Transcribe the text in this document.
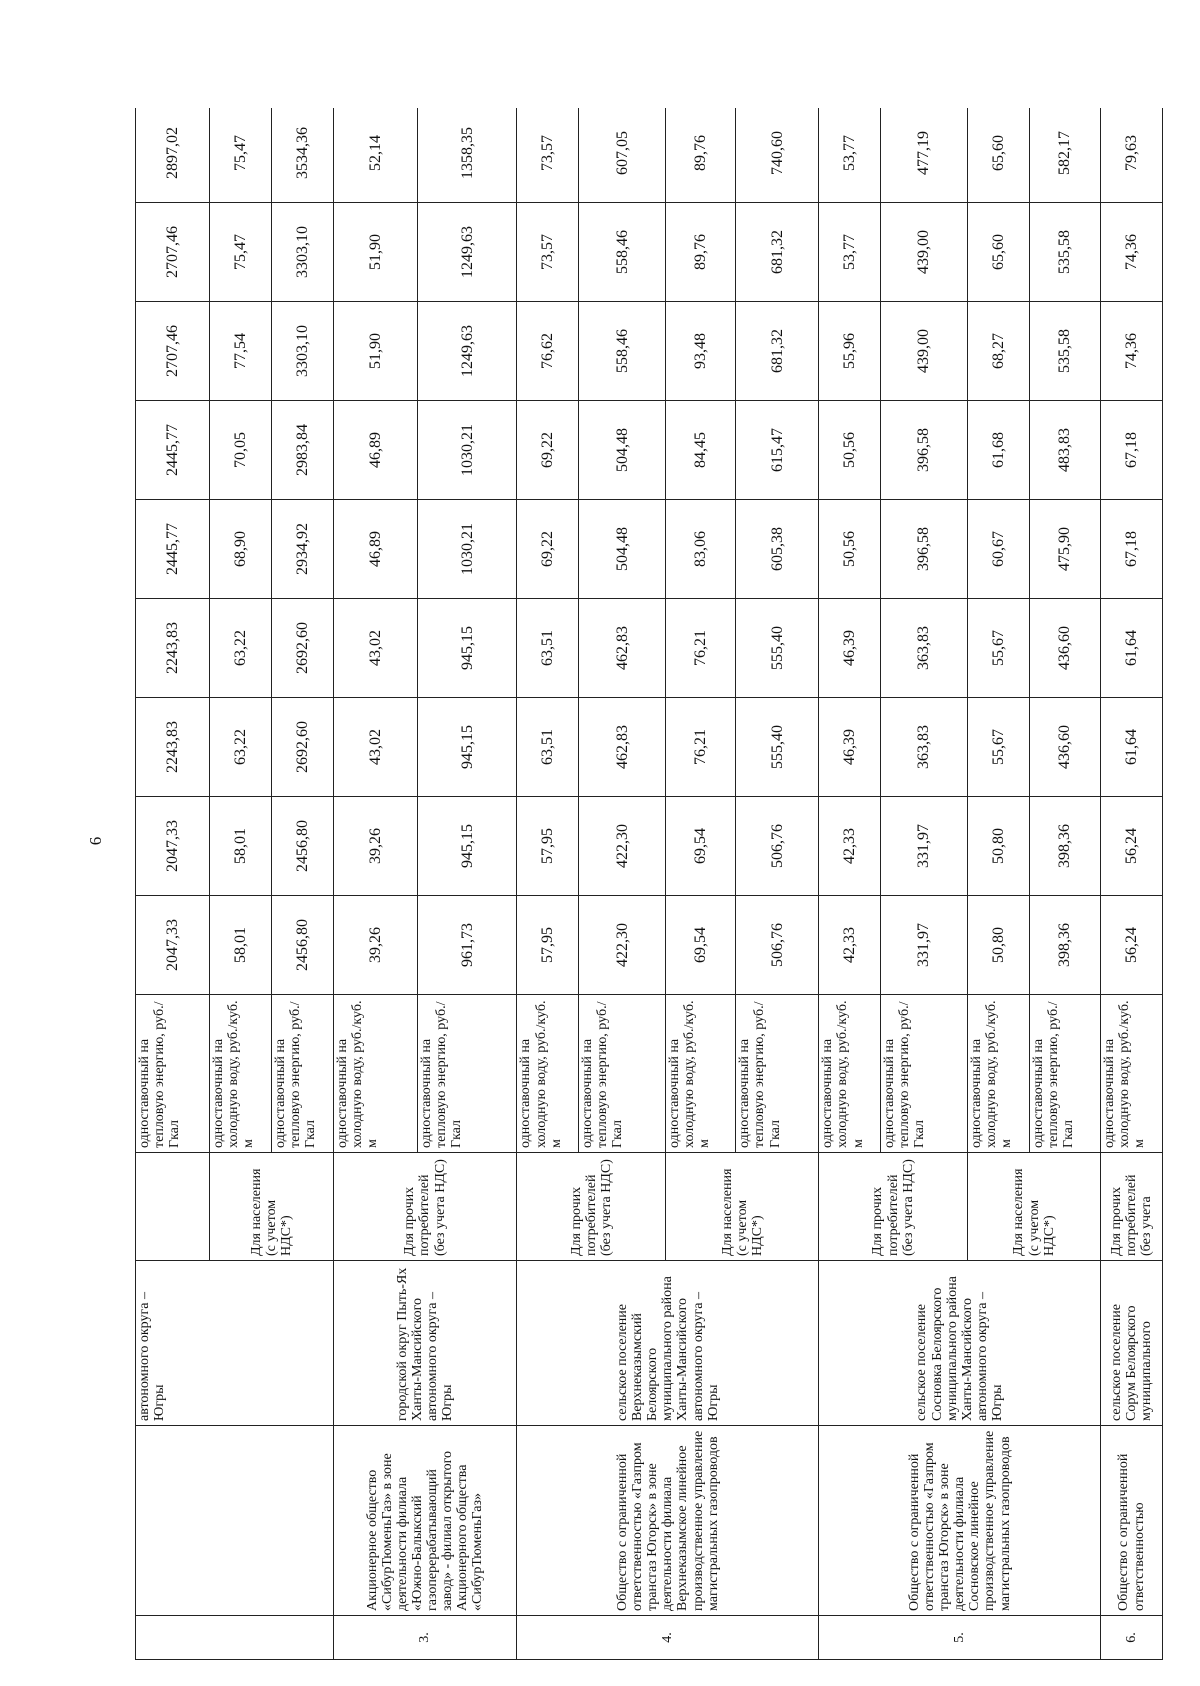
6
		автономного округа – Югры		одноставочный на тепловую энергию, руб./ Гкал	2047,33	2047,33	2243,83	2243,83	2445,77	2445,77	2707,46	2707,46	2897,02
			Для населения (с учетом НДС*)	одноставочный на холодную воду, руб./куб. м	58,01	58,01	63,22	63,22	68,90	70,05	77,54	75,47	75,47
				одноставочный на тепловую энергию, руб./ Гкал	2456,80	2456,80	2692,60	2692,60	2934,92	2983,84	3303,10	3303,10	3534,36
3.	Акционерное общество «СибурТюменьГаз» в зоне деятельности филиала «Южно-Балыкский газоперерабатывающий завод» - филиал открытого Акционерного общества «СибурТюменьГаз»	городской округ Пыть-Ях Ханты-Мансийского автономного округа – Югры	Для прочих потребителей (без учета НДС)	одноставочный на холодную воду, руб./куб. м	39,26	39,26	43,02	43,02	46,89	46,89	51,90	51,90	52,14
				одноставочный на тепловую энергию, руб./ Гкал	961,73	945,15	945,15	945,15	1030,21	1030,21	1249,63	1249,63	1358,35
4.	Общество с ограниченной ответственностью «Газпром трансгаз Югорск» в зоне деятельности филиала Верхнеказымское линейное производственное управление магистральных газопроводов	сельское поселение Верхнеказымский Белоярского муниципального района Ханты-Мансийского автономного округа – Югры	Для прочих потребителей (без учета НДС)	одноставочный на холодную воду, руб./куб. м	57,95	57,95	63,51	63,51	69,22	69,22	76,62	73,57	73,57
				одноставочный на тепловую энергию, руб./ Гкал	422,30	422,30	462,83	462,83	504,48	504,48	558,46	558,46	607,05
			Для населения (с учетом НДС*)	одноставочный на холодную воду, руб./куб. м	69,54	69,54	76,21	76,21	83,06	84,45	93,48	89,76	89,76
				одноставочный на тепловую энергию, руб./ Гкал	506,76	506,76	555,40	555,40	605,38	615,47	681,32	681,32	740,60
5.	Общество с ограниченной ответственностью «Газпром трансгаз Югорск» в зоне деятельности филиала Сосновское линейное производственное управление магистральных газопроводов	сельское поселение Сосновка Белоярского муниципального района Ханты-Мансийского автономного округа – Югры	Для прочих потребителей (без учета НДС)	одноставочный на холодную воду, руб./куб. м	42,33	42,33	46,39	46,39	50,56	50,56	55,96	53,77	53,77
				одноставочный на тепловую энергию, руб./ Гкал	331,97	331,97	363,83	363,83	396,58	396,58	439,00	439,00	477,19
			Для населения (с учетом НДС*)	одноставочный на холодную воду, руб./куб. м	50,80	50,80	55,67	55,67	60,67	61,68	68,27	65,60	65,60
				одноставочный на тепловую энергию, руб./ Гкал	398,36	398,36	436,60	436,60	475,90	483,83	535,58	535,58	582,17
6.	Общество с ограниченной ответственностью	сельское поселение Сорум Белоярского муниципального	Для прочих потребителей (без учета	одноставочный на холодную воду, руб./куб. м	56,24	56,24	61,64	61,64	67,18	67,18	74,36	74,36	79,63
